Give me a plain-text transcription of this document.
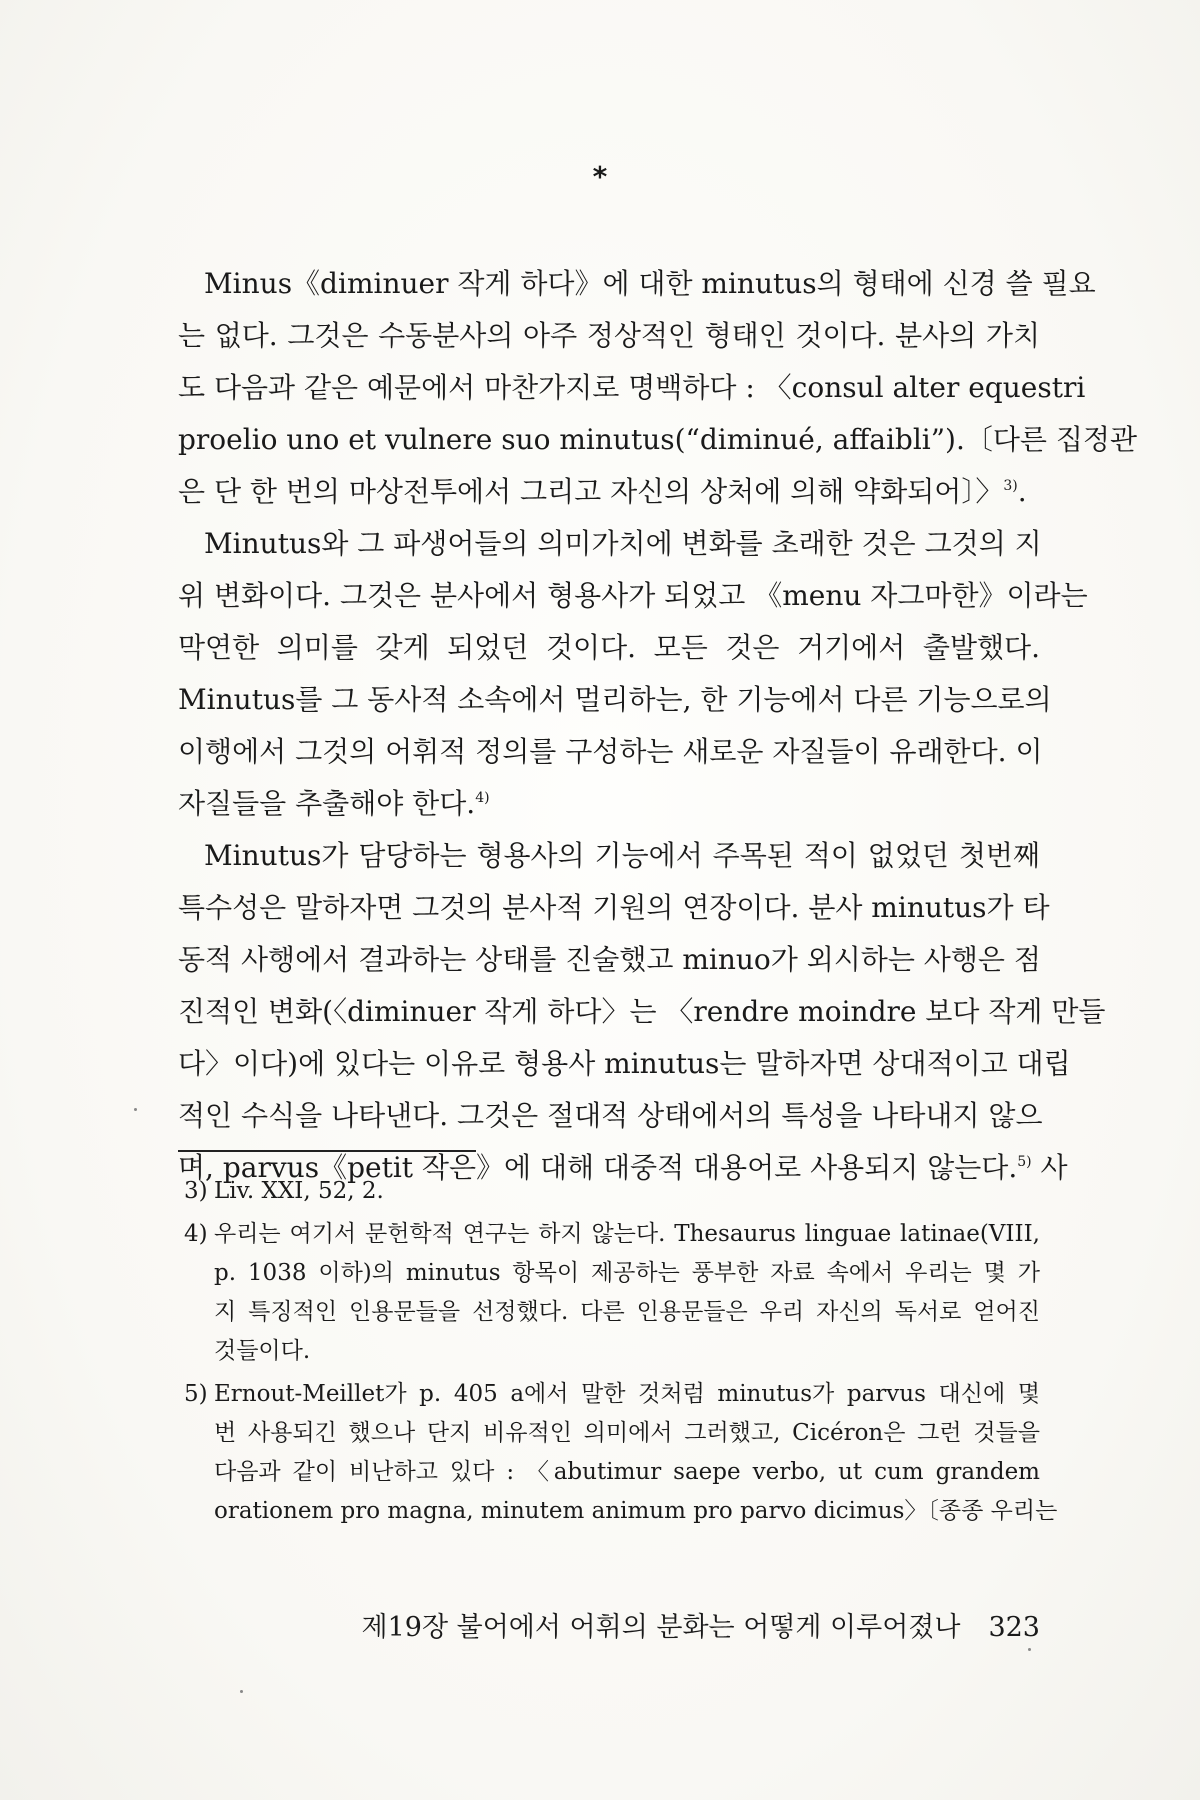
*
Minus《diminuer 작게 하다》에 대한 minutus의 형태에 신경 쓸 필요
는 없다. 그것은 수동분사의 아주 정상적인 형태인 것이다. 분사의 가치
도 다음과 같은 예문에서 마찬가지로 명백하다 : 〈consul alter equestri
proelio uno et vulnere suo minutus(“diminué, affaibli”).〔다른 집정관
은 단 한 번의 마상전투에서 그리고 자신의 상처에 의해 약화되어〕〉$^{3)}$.
Minutus와 그 파생어들의 의미가치에 변화를 초래한 것은 그것의 지
위 변화이다. 그것은 분사에서 형용사가 되었고 《menu 자그마한》이라는
막연한 의미를 갖게 되었던 것이다. 모든 것은 거기에서 출발했다.
Minutus를 그 동사적 소속에서 멀리하는, 한 기능에서 다른 기능으로의
이행에서 그것의 어휘적 정의를 구성하는 새로운 자질들이 유래한다. 이
자질들을 추출해야 한다.$^{4)}$
Minutus가 담당하는 형용사의 기능에서 주목된 적이 없었던 첫번째
특수성은 말하자면 그것의 분사적 기원의 연장이다. 분사 minutus가 타
동적 사행에서 결과하는 상태를 진술했고 minuo가 외시하는 사행은 점
진적인 변화(〈diminuer 작게 하다〉는 〈rendre moindre 보다 작게 만들
다〉이다)에 있다는 이유로 형용사 minutus는 말하자면 상대적이고 대립
적인 수식을 나타낸다. 그것은 절대적 상태에서의 특성을 나타내지 않으
며, parvus《petit 작은》에 대해 대중적 대용어로 사용되지 않는다.$^{5)}$ 사
3) Liv. XXI, 52, 2.
4) 우리는 여기서 문헌학적 연구는 하지 않는다. Thesaurus linguae latinae(VIII,
p. 1038 이하)의 minutus 항목이 제공하는 풍부한 자료 속에서 우리는 몇 가
지 특징적인 인용문들을 선정했다. 다른 인용문들은 우리 자신의 독서로 얻어진
것들이다.
5) Ernout-Meillet가 p. 405 a에서 말한 것처럼 minutus가 parvus 대신에 몇
번 사용되긴 했으나 단지 비유적인 의미에서 그러했고, Cicéron은 그런 것들을
다음과 같이 비난하고 있다 : 〈abutimur saepe verbo, ut cum grandem
orationem pro magna, minutem animum pro parvo dicimus〉〔종종 우리는
제19장 불어에서 어휘의 분화는 어떻게 이루어졌나 323
